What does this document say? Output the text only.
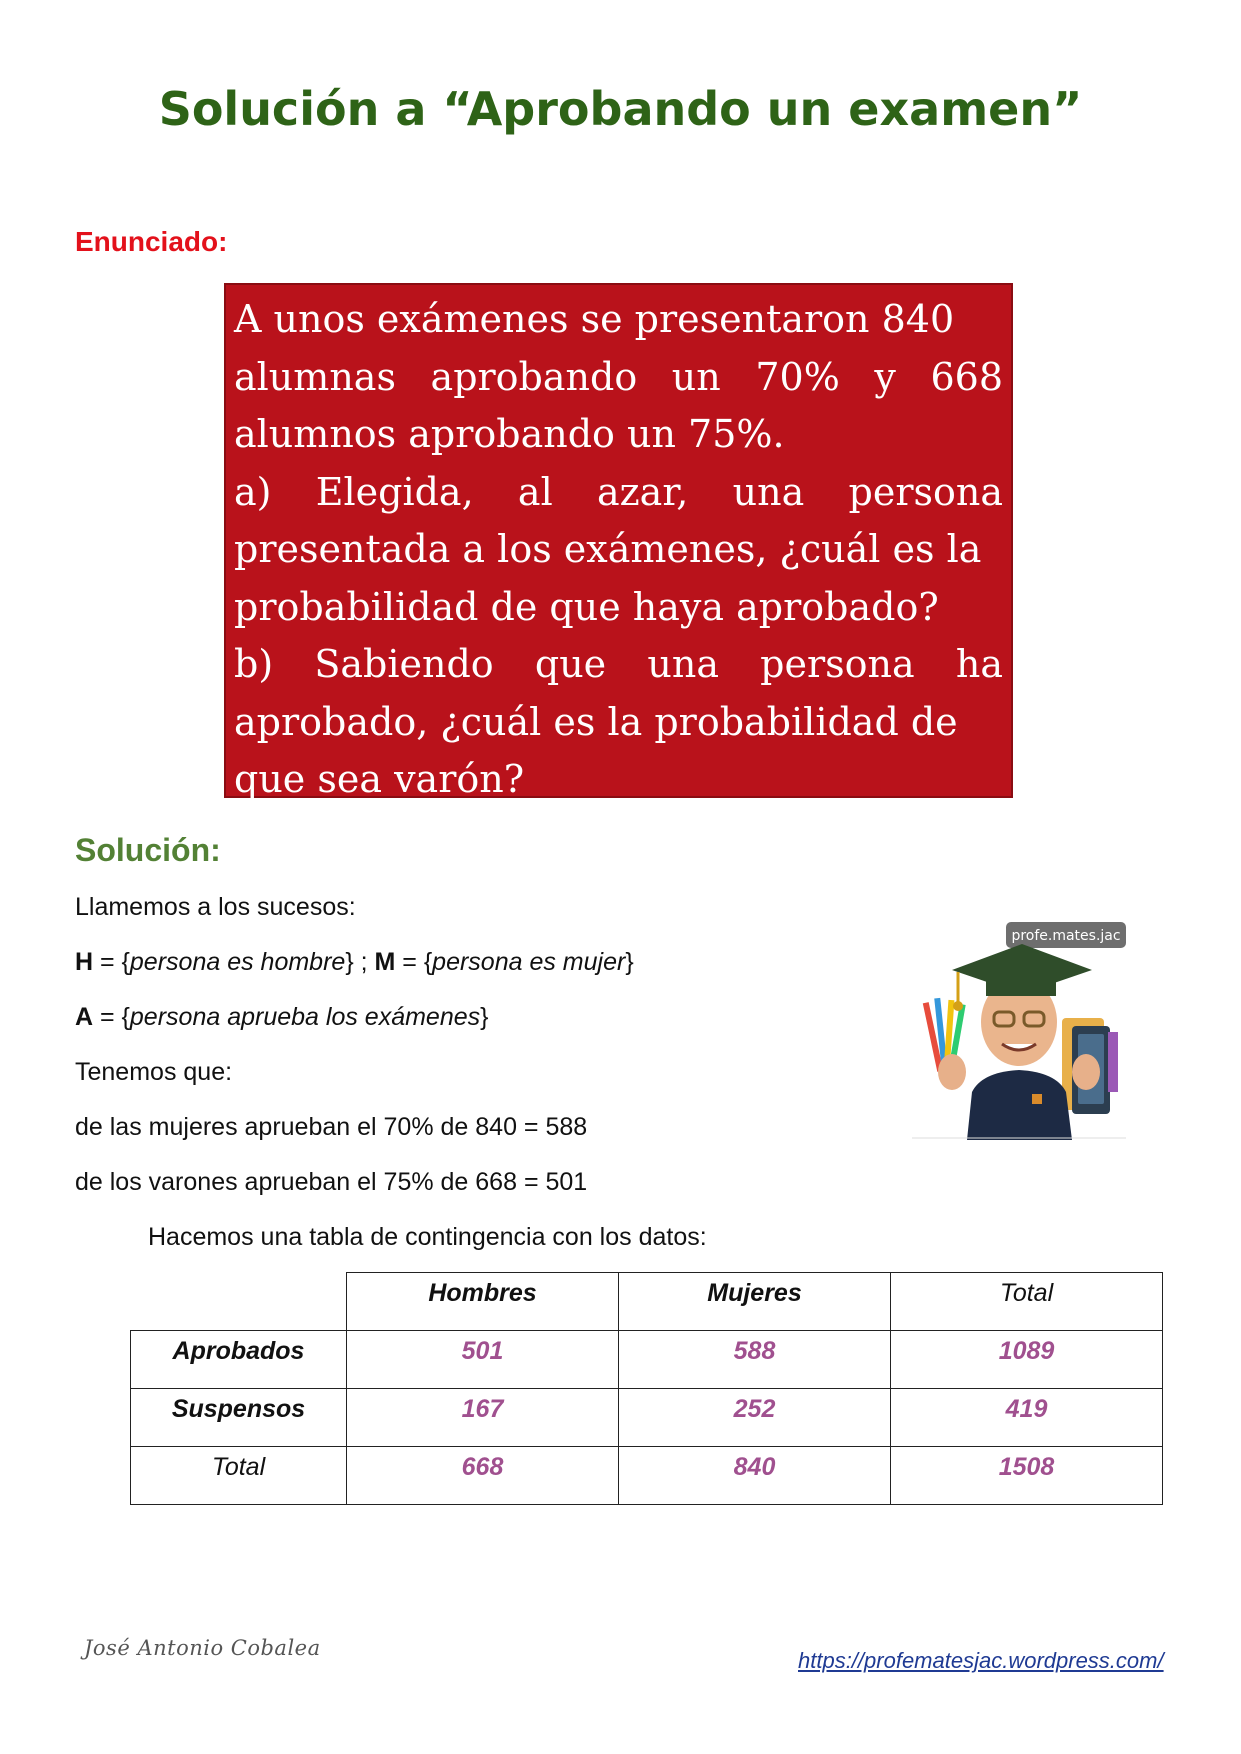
Solución a “Aprobando un examen”
Enunciado:
A unos exámenes se presentaron 840
alumnas aprobando un 70% y 668
alumnos aprobando un 75%.
a) Elegida, al azar, una persona
presentada a los exámenes, ¿cuál es la
probabilidad de que haya aprobado?
b) Sabiendo que una persona ha
aprobado, ¿cuál es la probabilidad de
que sea varón?
Solución:
Llamemos a los sucesos:
H = {persona es hombre} ; M = {persona es mujer}
A = {persona aprueba los exámenes}
Tenemos que:
de las mujeres aprueban el 70% de 840 = 588
de los varones aprueban el 75% de 668 = 501
Hacemos una tabla de contingencia con los datos:
profe.mates.jac
	Hombres	Mujeres	Total
Aprobados	501	588	1089
Suspensos	167	252	419
Total	668	840	1508
José Antonio Cobalea	https://profematesjac.wordpress.com/
